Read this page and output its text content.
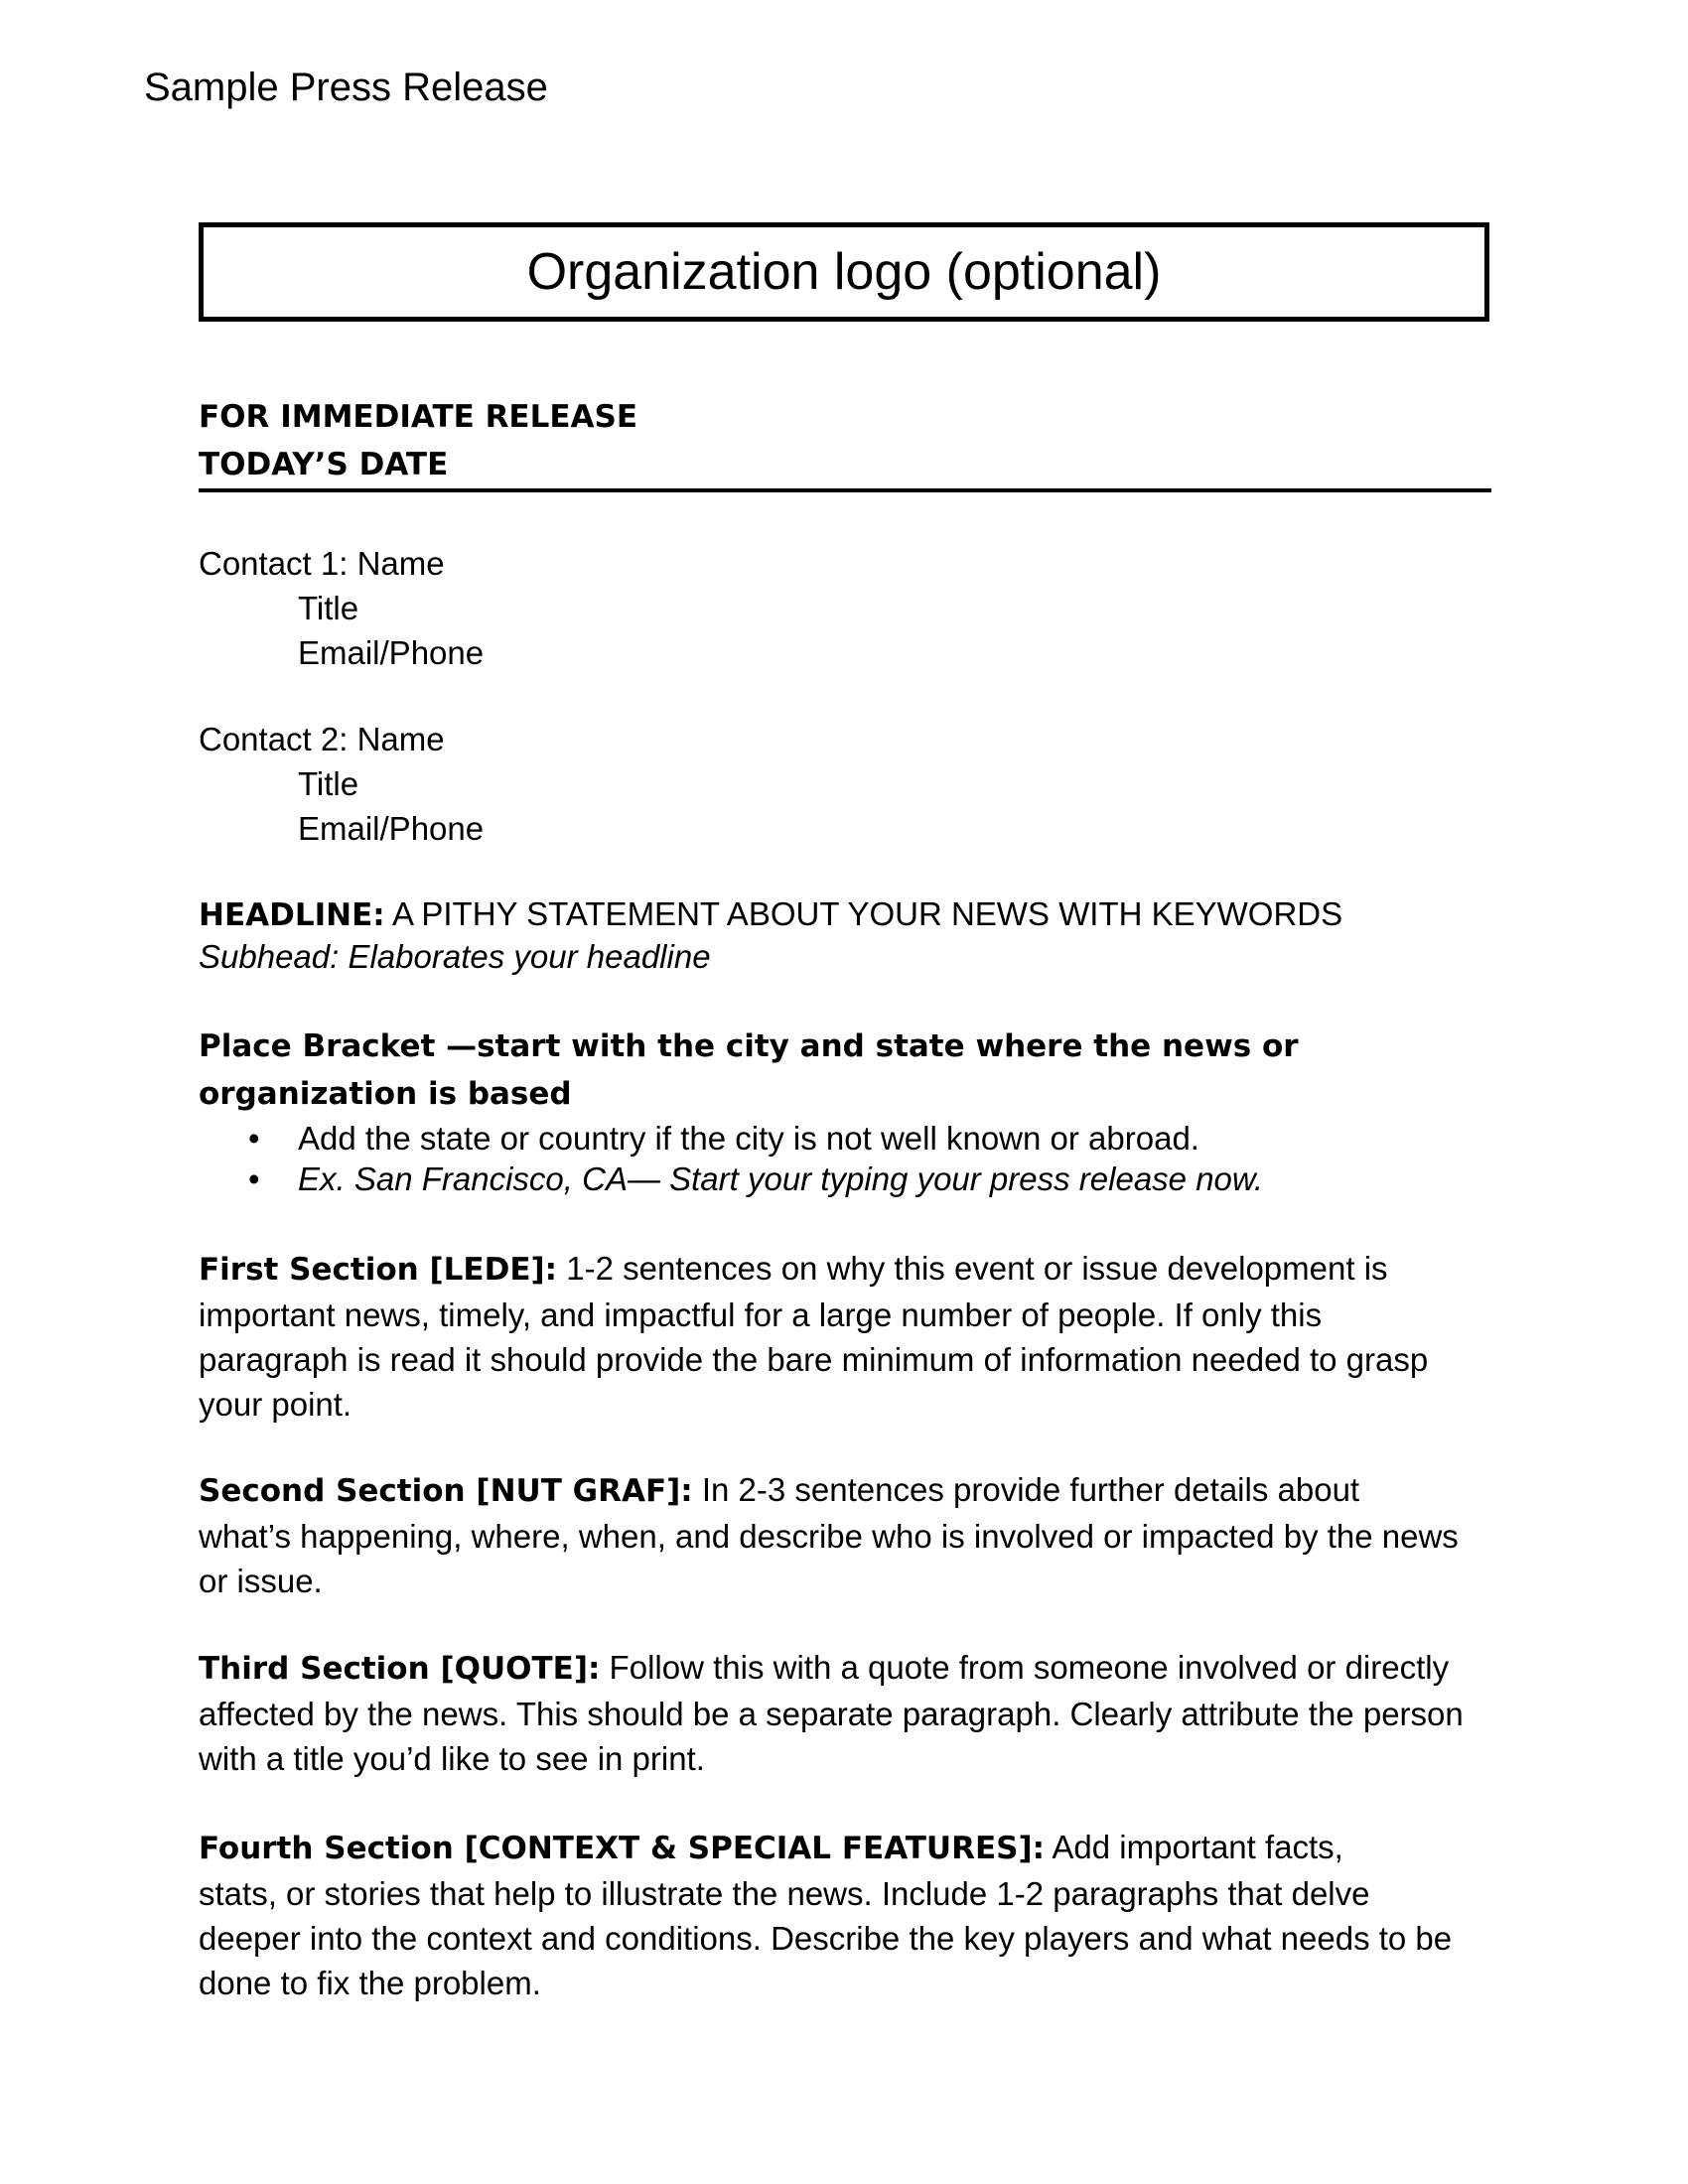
Sample Press Release
Organization logo (optional)
FOR IMMEDIATE RELEASE
TODAY’S DATE
Contact 1: Name
Title
Email/Phone
Contact 2: Name
Title
Email/Phone
HEADLINE: A PITHY STATEMENT ABOUT YOUR NEWS WITH KEYWORDS
Subhead: Elaborates your headline
Place Bracket —start with the city and state where the news or
organization is based
• Add the state or country if the city is not well known or abroad.
• Ex. San Francisco, CA— Start your typing your press release now.
First Section [LEDE]: 1-2 sentences on why this event or issue development is
important news, timely, and impactful for a large number of people. If only this
paragraph is read it should provide the bare minimum of information needed to grasp
your point.
Second Section [NUT GRAF]: In 2-3 sentences provide further details about
what’s happening, where, when, and describe who is involved or impacted by the news
or issue.
Third Section [QUOTE]: Follow this with a quote from someone involved or directly
affected by the news. This should be a separate paragraph. Clearly attribute the person
with a title you’d like to see in print.
Fourth Section [CONTEXT & SPECIAL FEATURES]: Add important facts,
stats, or stories that help to illustrate the news. Include 1-2 paragraphs that delve
deeper into the context and conditions. Describe the key players and what needs to be
done to fix the problem.
